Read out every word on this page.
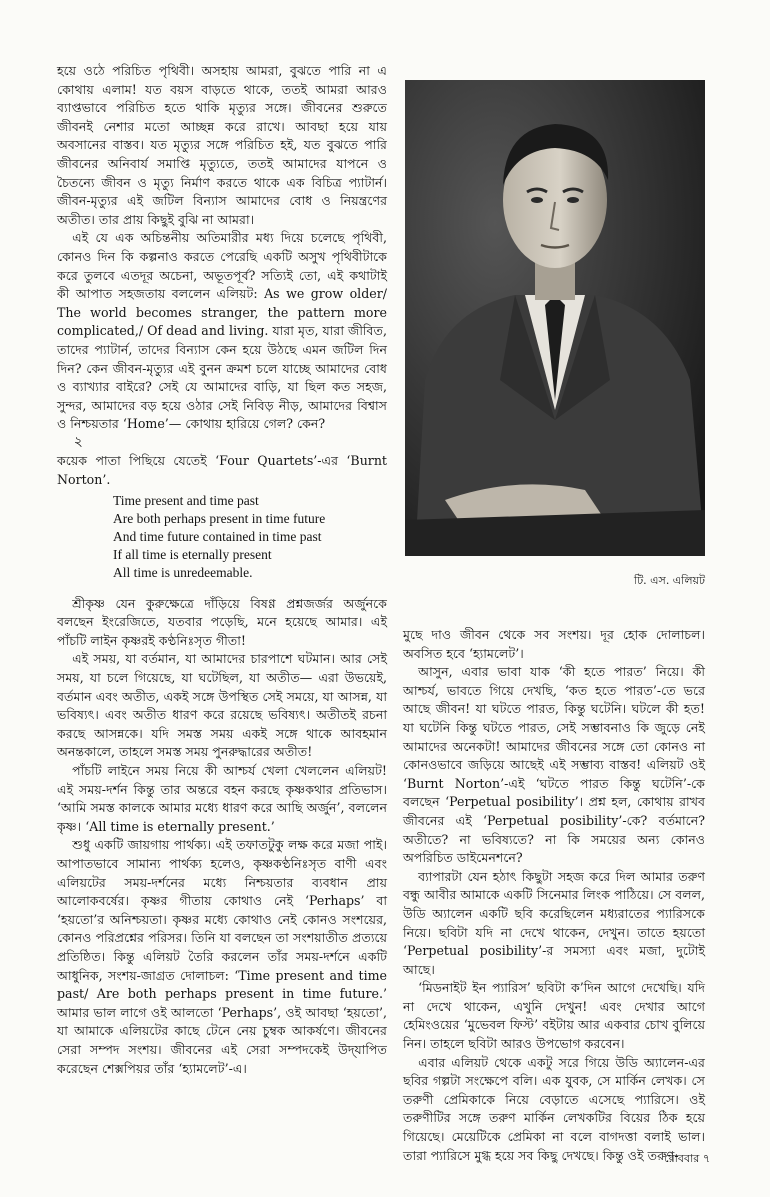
হয়ে ওঠে পরিচিত পৃথিবী। অসহায় আমরা, বুঝতে পারি না এ কোথায় এলাম! যত বয়স বাড়তে থাকে, ততই আমরা আরও ব্যাপ্তভাবে পরিচিত হতে থাকি মৃত্যুর সঙ্গে। জীবনের শুরুতে জীবনই নেশার মতো আচ্ছন্ন করে রাখে। আবছা হয়ে যায় অবসানের বাস্তব। যত মৃত্যুর সঙ্গে পরিচিত হই, যত বুঝতে পারি জীবনের অনিবার্য সমাপ্তি মৃত্যুতে, ততই আমাদের যাপনে ও চৈতন্যে জীবন ও মৃত্যু নির্মাণ করতে থাকে এক বিচিত্র প্যাটার্ন। জীবন-মৃত্যুর এই জটিল বিন্যাস আমাদের বোধ ও নিয়ন্ত্রণের অতীত। তার প্রায় কিছুই বুঝি না আমরা।

এই যে এক অচিন্তনীয় অতিমারীর মধ্য দিয়ে চলেছে পৃথিবী, কোনও দিন কি কল্পনাও করতে পেরেছি একটি অসুখ পৃথিবীটাকে করে তুলবে এতদূর অচেনা, অভূতপূর্ব? সত্যিই তো, এই কথাটাই কী আপাত সহজতায় বললেন এলিয়ট: As we grow older/ The world becomes stranger, the pattern more complicated,/ Of dead and living. যারা মৃত, যারা জীবিত, তাদের প্যাটার্ন, তাদের বিন্যাস কেন হয়ে উঠছে এমন জটিল দিন দিন? কেন জীবন-মৃত্যুর এই বুনন ক্রমশ চলে যাচ্ছে আমাদের বোধ ও ব্যাখ্যার বাইরে? সেই যে আমাদের বাড়ি, যা ছিল কত সহজ, সুন্দর, আমাদের বড় হয়ে ওঠার সেই নিবিড় নীড়, আমাদের বিশ্বাস ও নিশ্চয়তার ‘Home’— কোথায় হারিয়ে গেল? কেন?

২

কয়েক পাতা পিছিয়ে যেতেই ‘Four Quartets’-এর ‘Burnt Norton’.

Time present and time past
Are both perhaps present in time future
And time future contained in time past
If all time is eternally present
All time is unredeemable.

শ্রীকৃষ্ণ যেন কুরুক্ষেত্রে দাঁড়িয়ে বিষণ্ণ প্রশ্নজর্জর অর্জুনকে বলছেন ইংরেজিতে, যতবার পড়েছি, মনে হয়েছে আমার। এই পাঁচটি লাইন কৃষ্ণরই কণ্ঠনিঃসৃত গীতা!

এই সময়, যা বর্তমান, যা আমাদের চারপাশে ঘটমান। আর সেই সময়, যা চলে গিয়েছে, যা ঘটেছিল, যা অতীত— এরা উভয়েই, বর্তমান এবং অতীত, একই সঙ্গে উপস্থিত সেই সময়ে, যা আসন্ন, যা ভবিষ্যৎ। এবং অতীত ধারণ করে রয়েছে ভবিষ্যৎ। অতীতই রচনা করছে আসন্নকে। যদি সমস্ত সময় একই সঙ্গে থাকে আবহমান অনন্তকালে, তাহলে সমস্ত সময় পুনরুদ্ধারের অতীত!

পাঁচটি লাইনে সময় নিয়ে কী আশ্চর্য খেলা খেললেন এলিয়ট! এই সময়-দর্শন কিন্তু তার অন্তরে বহন করছে কৃষ্ণকথার প্রতিভাস। ‘আমি সমস্ত কালকে আমার মধ্যে ধারণ করে আছি অর্জুন’, বললেন কৃষ্ণ। ‘All time is eternally present.’

শুধু একটি জায়গায় পার্থক্য। এই তফাতটুকু লক্ষ করে মজা পাই। আপাতভাবে সামান্য পার্থক্য হলেও, কৃষ্ণকণ্ঠনিঃসৃত বাণী এবং এলিয়টের সময়-দর্শনের মধ্যে নিশ্চয়তার ব্যবধান প্রায় আলোকবর্ষের। কৃষ্ণর গীতায় কোথাও নেই ‘Perhaps’ বা ‘হয়তো’র অনিশ্চয়তা। কৃষ্ণর মধ্যে কোথাও নেই কোনও সংশয়ের, কোনও পরিপ্রশ্নের পরিসর। তিনি যা বলছেন তা সংশয়াতীত প্রত্যয়ে প্রতিষ্ঠিত। কিন্তু এলিয়ট তৈরি করলেন তাঁর সময়-দর্শনে একটি আধুনিক, সংশয়-জাগ্রত দোলাচল: ‘Time present and time past/ Are both perhaps present in time future.’ আমার ভাল লাগে ওই আলতো ‘Perhaps’, ওই আবছা ‘হয়তো’, যা আমাকে এলিয়টের কাছে টেনে নেয় চুম্বক আকর্ষণে। জীবনের সেরা সম্পদ সংশয়। জীবনের এই সেরা সম্পদকেই উদ্‌যাপিত করেছেন শেক্সপিয়র তাঁর ‘হ্যামলেট’-এ।

টি. এস. এলিয়ট

মুছে দাও জীবন থেকে সব সংশয়। দূর হোক দোলাচল। অবসিত হবে ‘হ্যামলেট’।

আসুন, এবার ভাবা যাক ‘কী হতে পারত’ নিয়ে। কী আশ্চর্য, ভাবতে গিয়ে দেখছি, ‘কত হতে পারত’-তে ভরে আছে জীবন! যা ঘটতে পারত, কিন্তু ঘটেনি। ঘটলে কী হত! যা ঘটেনি কিন্তু ঘটতে পারত, সেই সম্ভাবনাও কি জুড়ে নেই আমাদের অনেকটা! আমাদের জীবনের সঙ্গে তো কোনও না কোনওভাবে জড়িয়ে আছেই এই সম্ভাব্য বাস্তব! এলিয়ট ওই ‘Burnt Norton’-এই ‘ঘটতে পারত কিন্তু ঘটেনি’-কে বলছেন ‘Perpetual posibility’। প্রশ্ন হল, কোথায় রাখব জীবনের এই ‘Perpetual posibility’-কে? বর্তমানে? অতীতে? না ভবিষ্যতে? না কি সময়ের অন্য কোনও অপরিচিত ডাইমেনশনে?

ব্যাপারটা যেন হঠাৎ কিছুটা সহজ করে দিল আমার তরুণ বন্ধু আবীর আমাকে একটি সিনেমার লিংক পাঠিয়ে। সে বলল, উডি অ্যালেন একটি ছবি করেছিলেন মধ্যরাতের প্যারিসকে নিয়ে। ছবিটা যদি না দেখে থাকেন, দেখুন। তাতে হয়তো ‘Perpetual posibility’-র সমস্যা এবং মজা, দুটোই আছে।

‘মিডনাইট ইন প্যারিস’ ছবিটা ক’দিন আগে দেখেছি। যদি না দেখে থাকেন, এখুনি দেখুন! এবং দেখার আগে হেমিংওয়ের ‘মুভেবল ফিস্ট’ বইটায় আর একবার চোখ বুলিয়ে নিন। তাহলে ছবিটা আরও উপভোগ করবেন।

এবার এলিয়ট থেকে একটু সরে গিয়ে উডি অ্যালেন-এর ছবির গল্পটা সংক্ষেপে বলি। এক যুবক, সে মার্কিন লেখক। সে তরুণী প্রেমিকাকে নিয়ে বেড়াতে এসেছে প্যারিসে। ওই তরুণীটির সঙ্গে তরুণ মার্কিন লেখকটির বিয়ের ঠিক হয়ে গিয়েছে। মেয়েটিকে প্রেমিকা না বলে বাগদত্তা বলাই ভাল। তারা প্যারিসে মুগ্ধ হয়ে সব কিছু দেখছে। কিন্তু ওই তরুণ-

রোববার ৭
